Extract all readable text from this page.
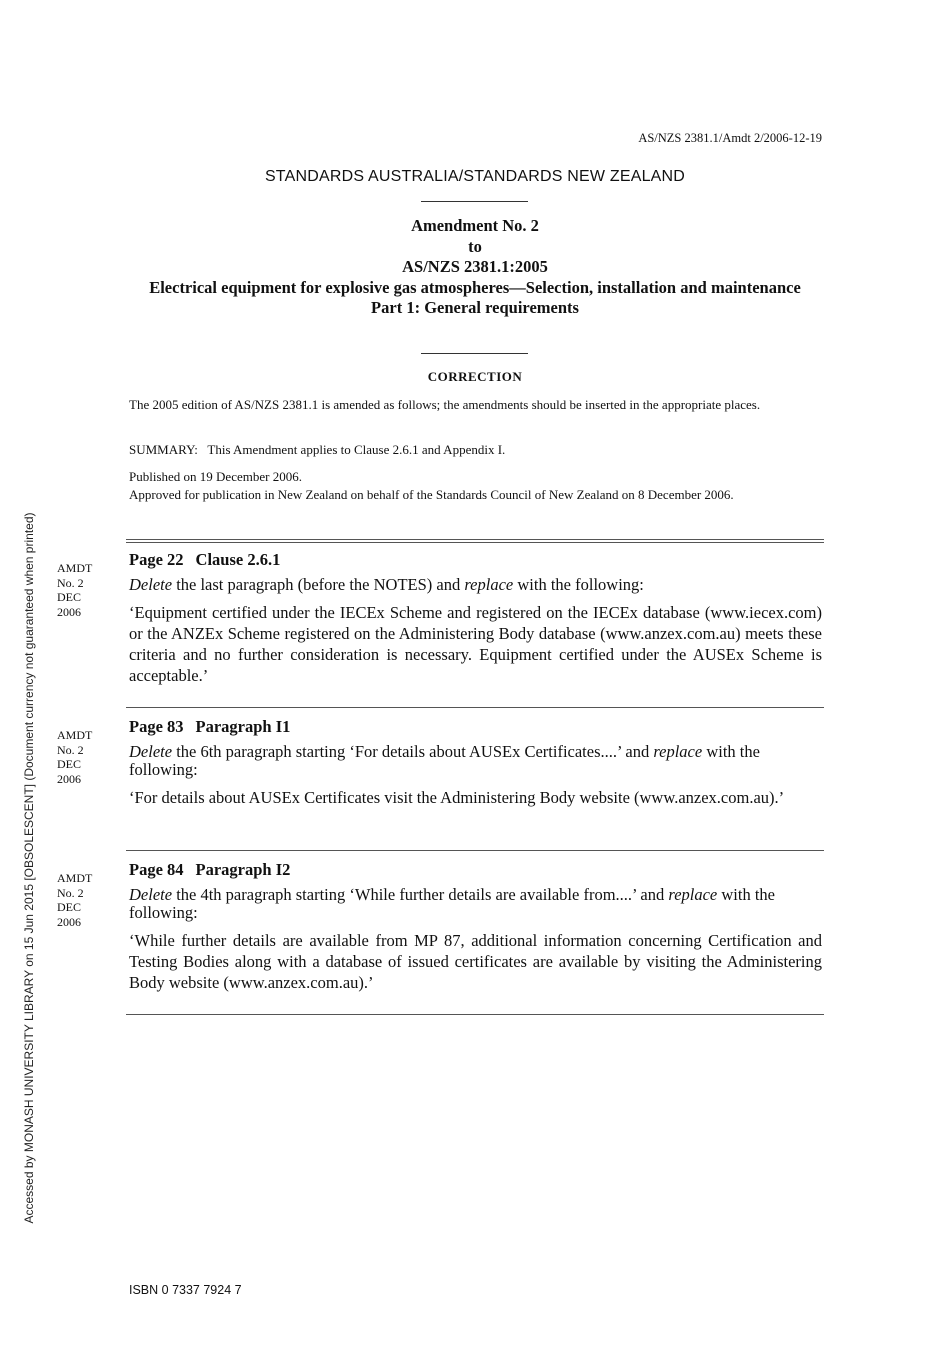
AS/NZS 2381.1/Amdt 2/2006-12-19
STANDARDS AUSTRALIA/STANDARDS NEW ZEALAND
Amendment No. 2
to
AS/NZS 2381.1:2005
Electrical equipment for explosive gas atmospheres—Selection, installation and maintenance
Part 1: General requirements
CORRECTION
The 2005 edition of AS/NZS 2381.1 is amended as follows; the amendments should be inserted in the appropriate places.
SUMMARY:  This Amendment applies to Clause 2.6.1 and Appendix I.
Published on 19 December 2006.
Approved for publication in New Zealand on behalf of the Standards Council of New Zealand on 8 December 2006.
AMDT
No. 2
DEC
2006
Page 22 Clause 2.6.1
Delete the last paragraph (before the NOTES) and replace with the following:

‘Equipment certified under the IECEx Scheme and registered on the IECEx database (www.iecex.com) or the ANZEx Scheme registered on the Administering Body database (www.anzex.com.au) meets these criteria and no further consideration is necessary. Equipment certified under the AUSEx Scheme is acceptable.’

AMDT
No. 2
DEC
2006
Page 83 Paragraph I1
Delete the 6th paragraph starting ‘For details about AUSEx Certificates....’ and replace with the following:

‘For details about AUSEx Certificates visit the Administering Body website (www.anzex.com.au).’

AMDT
No. 2
DEC
2006
Page 84 Paragraph I2
Delete the 4th paragraph starting ‘While further details are available from....’ and replace with the following:

‘While further details are available from MP 87, additional information concerning Certification and Testing Bodies along with a database of issued certificates are available by visiting the Administering Body website (www.anzex.com.au).’

ISBN 0 7337 7924 7
Accessed by MONASH UNIVERSITY LIBRARY on 15 Jun 2015 [OBSOLESCENT] (Document currency not guaranteed when printed)
